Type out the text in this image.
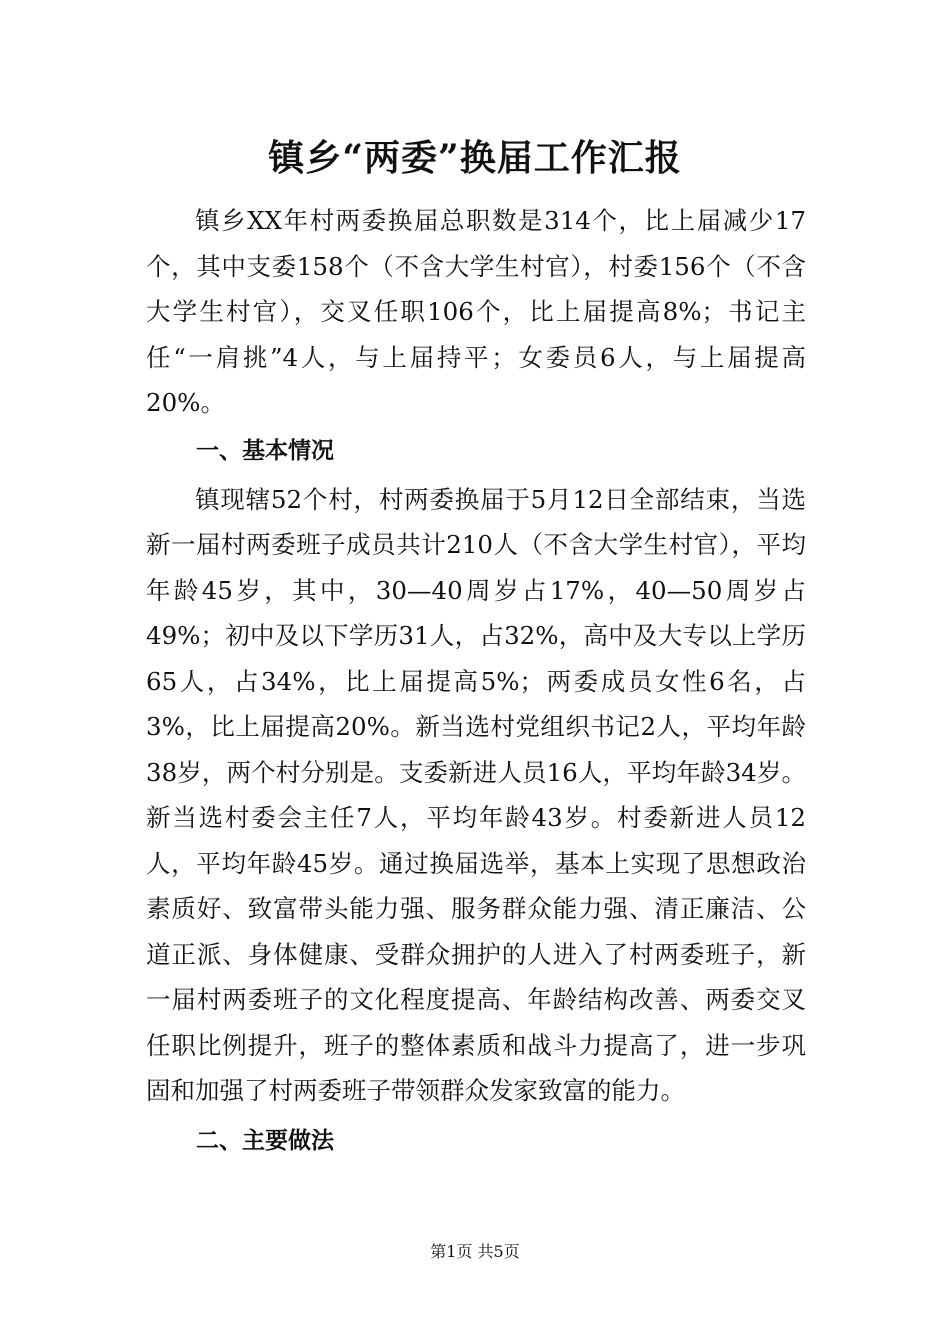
镇乡“两委”换届工作汇报

镇乡XX年村两委换届总职数是314个，比上届减少17个，其中支委158个（不含大学生村官），村委156个（不含大学生村官），交叉任职106个，比上届提高8%；书记主任“一肩挑”4人，与上届持平；女委员6人，与上届提高20%。

一、基本情况

镇现辖52个村，村两委换届于5月12日全部结束，当选新一届村两委班子成员共计210人（不含大学生村官），平均年龄45岁，其中，30—40周岁占17%，40—50周岁占49%；初中及以下学历31人，占32%，高中及大专以上学历65人，占34%，比上届提高5%；两委成员女性6名，占3%，比上届提高20%。新当选村党组织书记2人，平均年龄38岁，两个村分别是。支委新进人员16人，平均年龄34岁。新当选村委会主任7人，平均年龄43岁。村委新进人员12人，平均年龄45岁。通过换届选举，基本上实现了思想政治素质好、致富带头能力强、服务群众能力强、清正廉洁、公道正派、身体健康、受群众拥护的人进入了村两委班子，新一届村两委班子的文化程度提高、年龄结构改善、两委交叉任职比例提升，班子的整体素质和战斗力提高了，进一步巩固和加强了村两委班子带领群众发家致富的能力。

二、主要做法

第1页 共5页
